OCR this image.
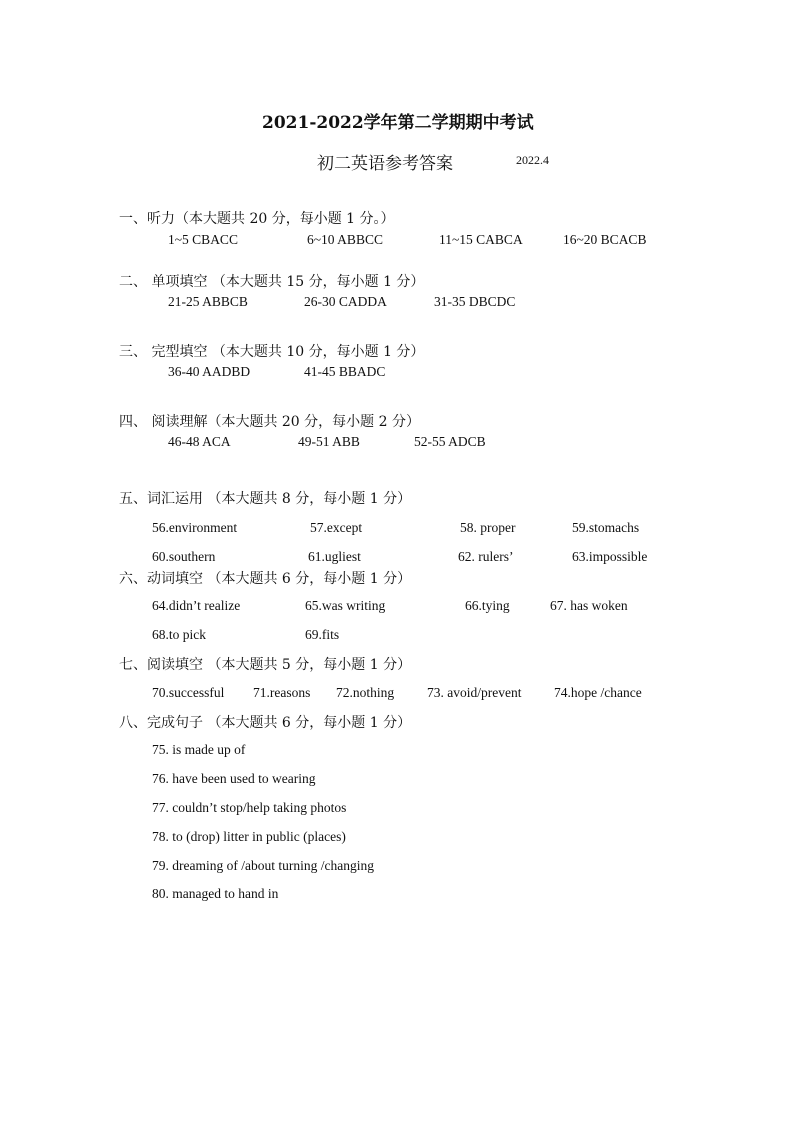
2021-2022学年第二学期期中考试
初二英语参考答案	2022.4
一、听力（本大题共 20 分，每小题 1 分。）
1~5 CBACC	6~10 ABBCC	11~15 CABCA	16~20 BCACB
二、 单项填空 （本大题共 15 分，每小题 1 分）
21-25 ABBCB	26-30 CADDA	31-35 DBCDC
三、 完型填空 （本大题共 10 分，每小题 1 分）
36-40 AADBD	41-45 BBADC
四、 阅读理解（本大题共 20 分，每小题 2 分）
46-48 ACA	49-51 ABB	52-55 ADCB
五、词汇运用 （本大题共 8 分，每小题 1 分）
56.environment	57.except	58. proper	59.stomachs
60.southern	61.ugliest	62. rulers’	63.impossible
六、动词填空 （本大题共 6 分，每小题 1 分）
64.didn’t realize	65.was writing	66.tying	67. has woken
68.to pick	69.fits
七、阅读填空 （本大题共 5 分，每小题 1 分）
70.successful 71.reasons 72.nothing 73. avoid/prevent 74.hope /chance
八、完成句子 （本大题共 6 分，每小题 1 分）
75. is made up of
76. have been used to wearing
77. couldn’t stop/help taking photos
78. to (drop) litter in public (places)
79. dreaming of /about turning /changing
80. managed to hand in
